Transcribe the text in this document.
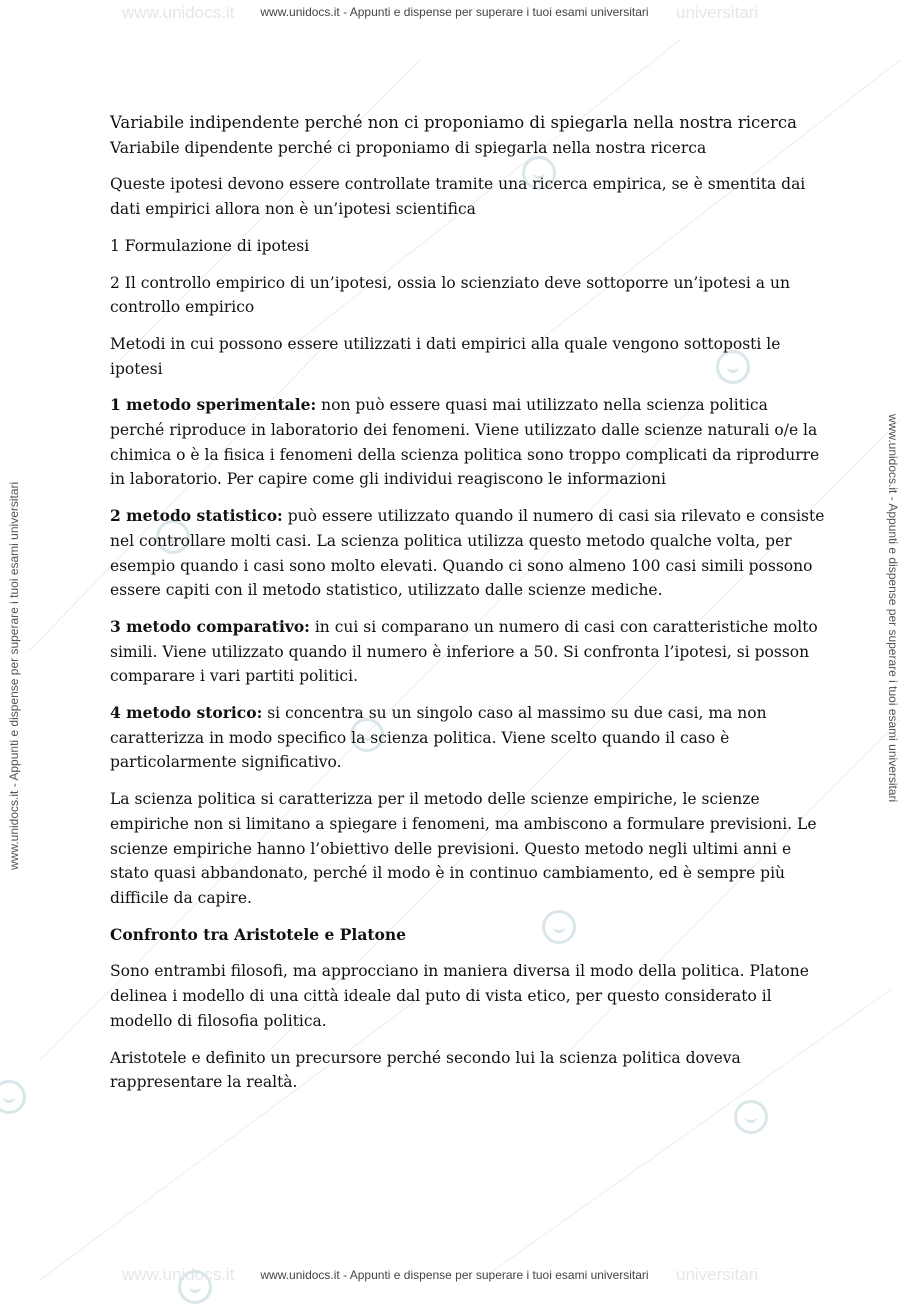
www.unidocs.it	universitari
www.unidocs.it	universitari
www.unidocs.it - Appunti e dispense per superare i tuoi esami universitari
www.unidocs.it - Appunti e dispense per superare i tuoi esami universitari
www.unidocs.it - Appunti e dispense per superare i tuoi esami universitari	www.unidocs.it - Appunti e dispense per superare i tuoi esami universitari

Variabile indipendente perché non ci proponiamo di spiegarla nella nostra ricerca

Variabile dipendente perché ci proponiamo di spiegarla nella nostra ricerca

Queste ipotesi devono essere controllate tramite una ricerca empirica, se è smentita dai dati empirici allora non è un’ipotesi scientifica

1 Formulazione di ipotesi

2 Il controllo empirico di un’ipotesi, ossia lo scienziato deve sottoporre un’ipotesi a un controllo empirico

Metodi in cui possono essere utilizzati i dati empirici alla quale vengono sottoposti le ipotesi

1 metodo sperimentale: non può essere quasi mai utilizzato nella scienza politica perché riproduce in laboratorio dei fenomeni. Viene utilizzato dalle scienze naturali o/e la chimica o è la fisica i fenomeni della scienza politica sono troppo complicati da riprodurre in laboratorio. Per capire come gli individui reagiscono le informazioni

2 metodo statistico: può essere utilizzato quando il numero di casi sia rilevato e consiste nel controllare molti casi. La scienza politica utilizza questo metodo qualche volta, per esempio quando i casi sono molto elevati. Quando ci sono almeno 100 casi simili possono essere capiti con il metodo statistico, utilizzato dalle scienze mediche.

3 metodo comparativo: in cui si comparano un numero di casi con caratteristiche molto simili. Viene utilizzato quando il numero è inferiore a 50. Si confronta l’ipotesi, si posson comparare i vari partiti politici.

4 metodo storico: si concentra su un singolo caso al massimo su due casi, ma non caratterizza in modo specifico la scienza politica. Viene scelto quando il caso è particolarmente significativo.

La scienza politica si caratterizza per il metodo delle scienze empiriche, le scienze empiriche non si limitano a spiegare i fenomeni, ma ambiscono a formulare previsioni. Le scienze empiriche hanno l’obiettivo delle previsioni. Questo metodo negli ultimi anni e stato quasi abbandonato, perché il modo è in continuo cambiamento, ed è sempre più difficile da capire.

Confronto tra Aristotele e Platone

Sono entrambi filosofi, ma approcciano in maniera diversa il modo della politica. Platone delinea i modello di una città ideale dal puto di vista etico, per questo considerato il modello di filosofia politica.

Aristotele e definito un precursore perché secondo lui la scienza politica doveva rappresentare la realtà.
